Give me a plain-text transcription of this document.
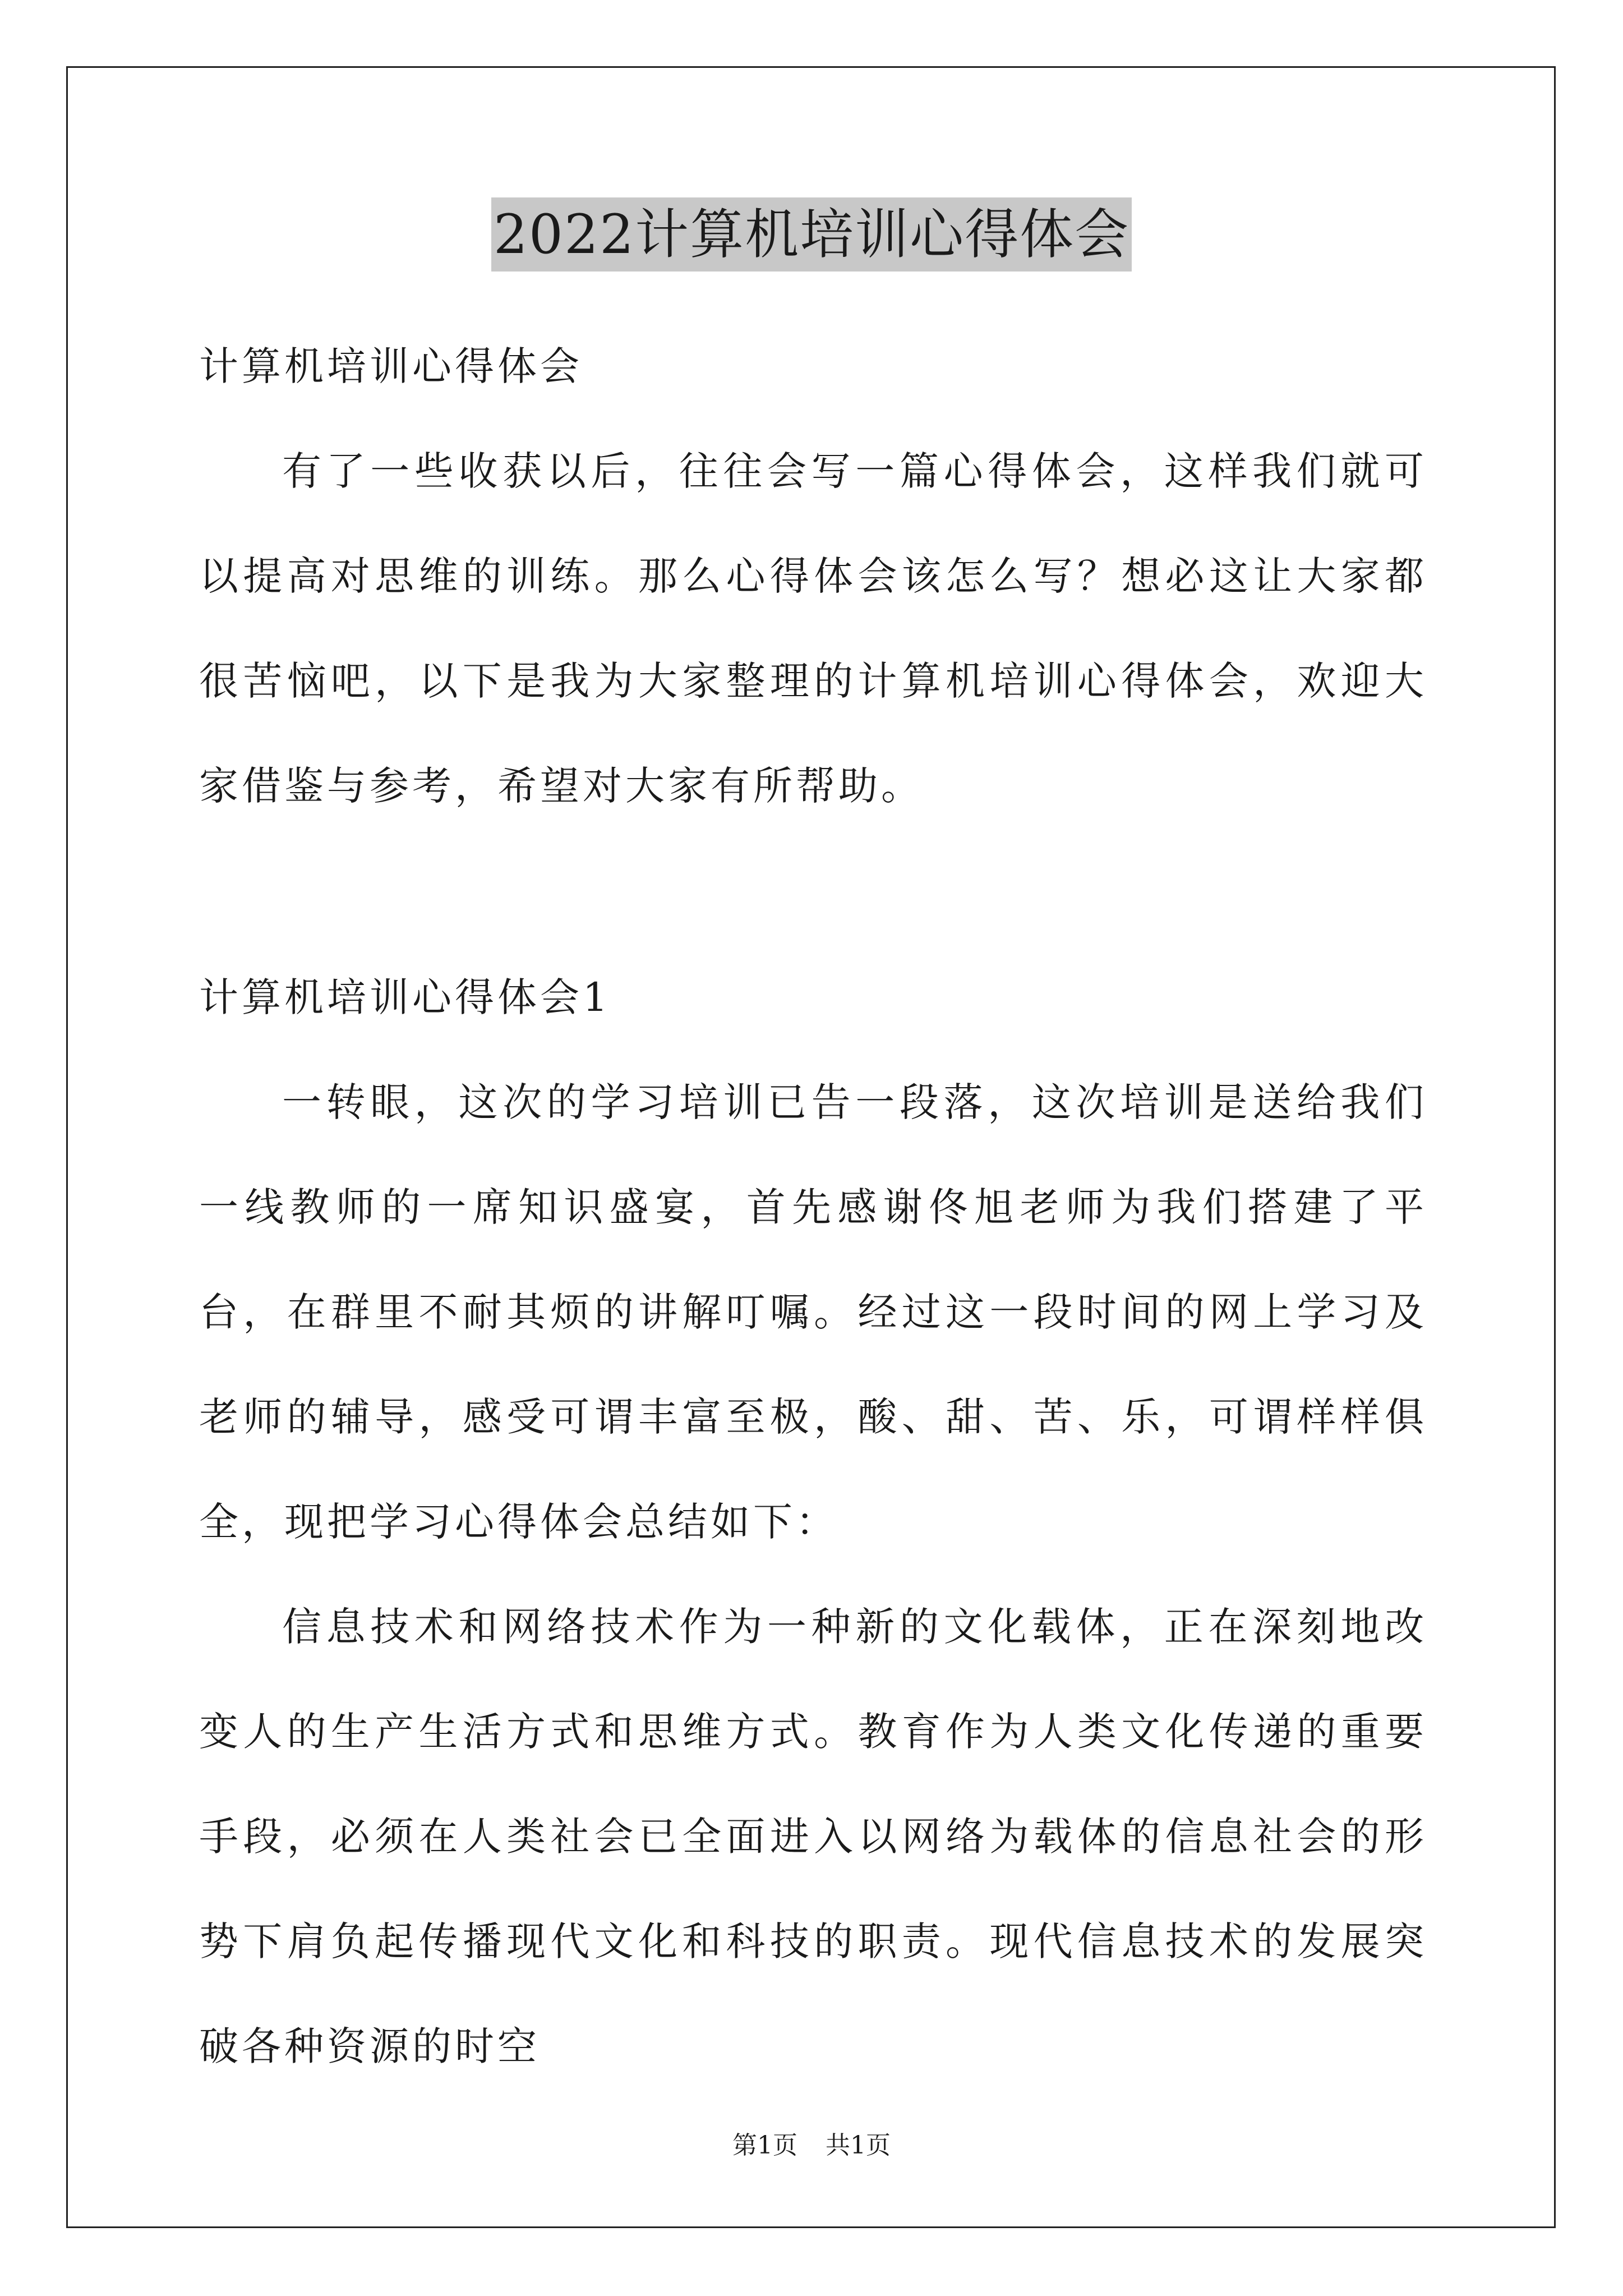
2022计算机培训心得体会

计算机培训心得体会

有了一些收获以后，往往会写一篇心得体会，这样我们就可以提高对思维的训练。那么心得体会该怎么写？想必这让大家都很苦恼吧，以下是我为大家整理的计算机培训心得体会，欢迎大家借鉴与参考，希望对大家有所帮助。

计算机培训心得体会1

一转眼，这次的学习培训已告一段落，这次培训是送给我们一线教师的一席知识盛宴，首先感谢佟旭老师为我们搭建了平台，在群里不耐其烦的讲解叮嘱。经过这一段时间的网上学习及老师的辅导，感受可谓丰富至极，酸、甜、苦、乐，可谓样样俱全，现把学习心得体会总结如下：

信息技术和网络技术作为一种新的文化载体，正在深刻地改变人的生产生活方式和思维方式。教育作为人类文化传递的重要手段，必须在人类社会已全面进入以网络为载体的信息社会的形势下肩负起传播现代文化和科技的职责。现代信息技术的发展突破各种资源的时空

第1页 共1页
